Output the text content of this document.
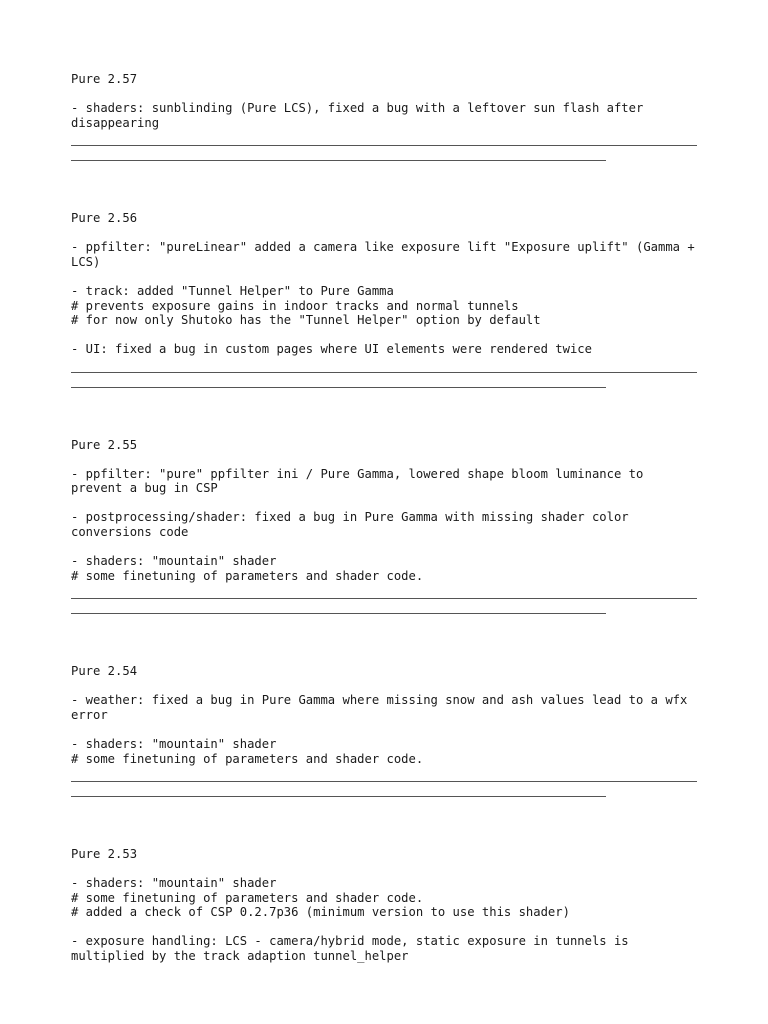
Pure 2.57
- shaders: sunblinding (Pure LCS), fixed a bug with a leftover sun flash after disappearing
Pure 2.56
- ppfilter: "pureLinear" added a camera like exposure lift "Exposure uplift" (Gamma + LCS)
- track: added "Tunnel Helper" to Pure Gamma
# prevents exposure gains in indoor tracks and normal tunnels
# for now only Shutoko has the "Tunnel Helper" option by default
- UI: fixed a bug in custom pages where UI elements were rendered twice
Pure 2.55
- ppfilter: "pure" ppfilter ini / Pure Gamma, lowered shape bloom luminance to prevent a bug in CSP
- postprocessing/shader: fixed a bug in Pure Gamma with missing shader color conversions code
- shaders: "mountain" shader
# some finetuning of parameters and shader code.
Pure 2.54
- weather: fixed a bug in Pure Gamma where missing snow and ash values lead to a wfx error
- shaders: "mountain" shader
# some finetuning of parameters and shader code.
Pure 2.53
- shaders: "mountain" shader
# some finetuning of parameters and shader code.
# added a check of CSP 0.2.7p36 (minimum version to use this shader)
- exposure handling: LCS - camera/hybrid mode, static exposure in tunnels is multiplied by the track adaption tunnel_helper
